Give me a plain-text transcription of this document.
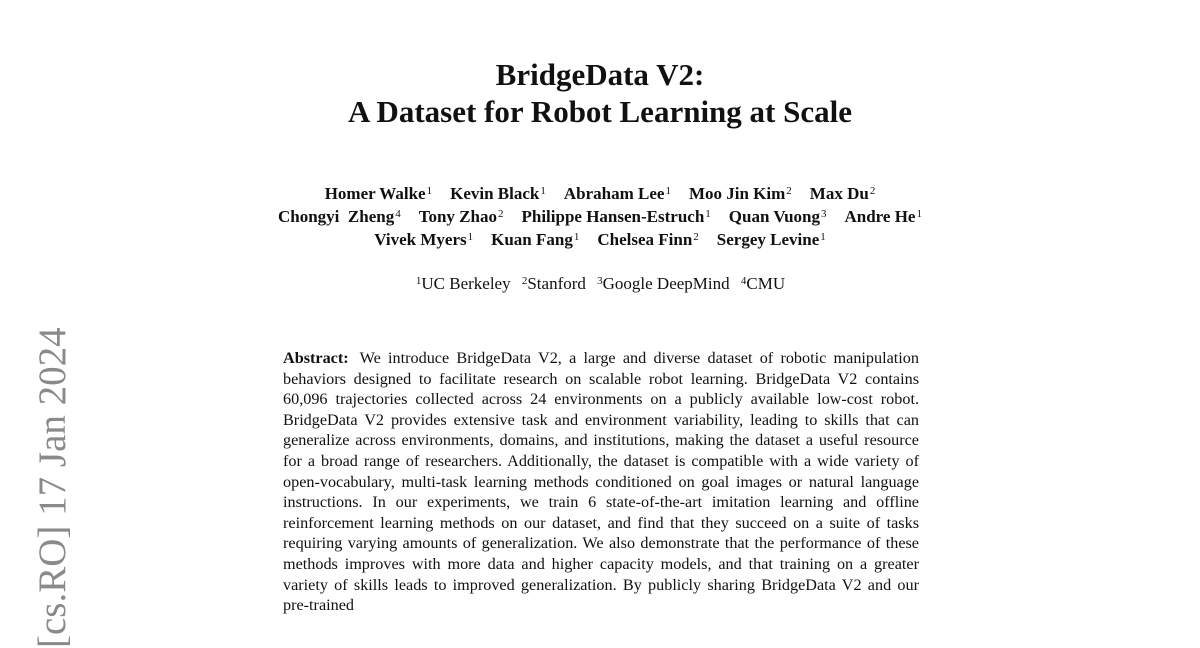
[cs.RO] 17 Jan 2024
BridgeData V2:
A Dataset for Robot Learning at Scale
Homer Walke$^1$ Kevin Black$^1$ Abraham Lee$^1$ Moo Jin Kim$^2$ Max Du$^2$
Chongyi  Zheng$^4$ Tony Zhao$^2$ Philippe Hansen-Estruch$^1$ Quan Vuong$^3$ Andre He$^1$
Vivek Myers$^1$ Kuan Fang$^1$ Chelsea Finn$^2$ Sergey Levine$^1$
$^1$UC Berkeley $^2$Stanford $^3$Google DeepMind $^4$CMU
Abstract: We introduce BridgeData V2, a large and diverse dataset of robotic manipulation behaviors designed to facilitate research on scalable robot learning. BridgeData V2 contains 60,096 trajectories collected across 24 environments on a publicly available low-cost robot. BridgeData V2 provides extensive task and environment variability, leading to skills that can generalize across environments, domains, and institutions, making the dataset a useful resource for a broad range of researchers. Additionally, the dataset is compatible with a wide variety of open-vocabulary, multi-task learning methods conditioned on goal images or natural language instructions. In our experiments, we train 6 state-of-the-art imitation learning and offline reinforcement learning methods on our dataset, and find that they succeed on a suite of tasks requiring varying amounts of generalization. We also demonstrate that the performance of these methods improves with more data and higher capacity models, and that training on a greater variety of skills leads to improved generalization. By publicly sharing BridgeData V2 and our pre-trained
